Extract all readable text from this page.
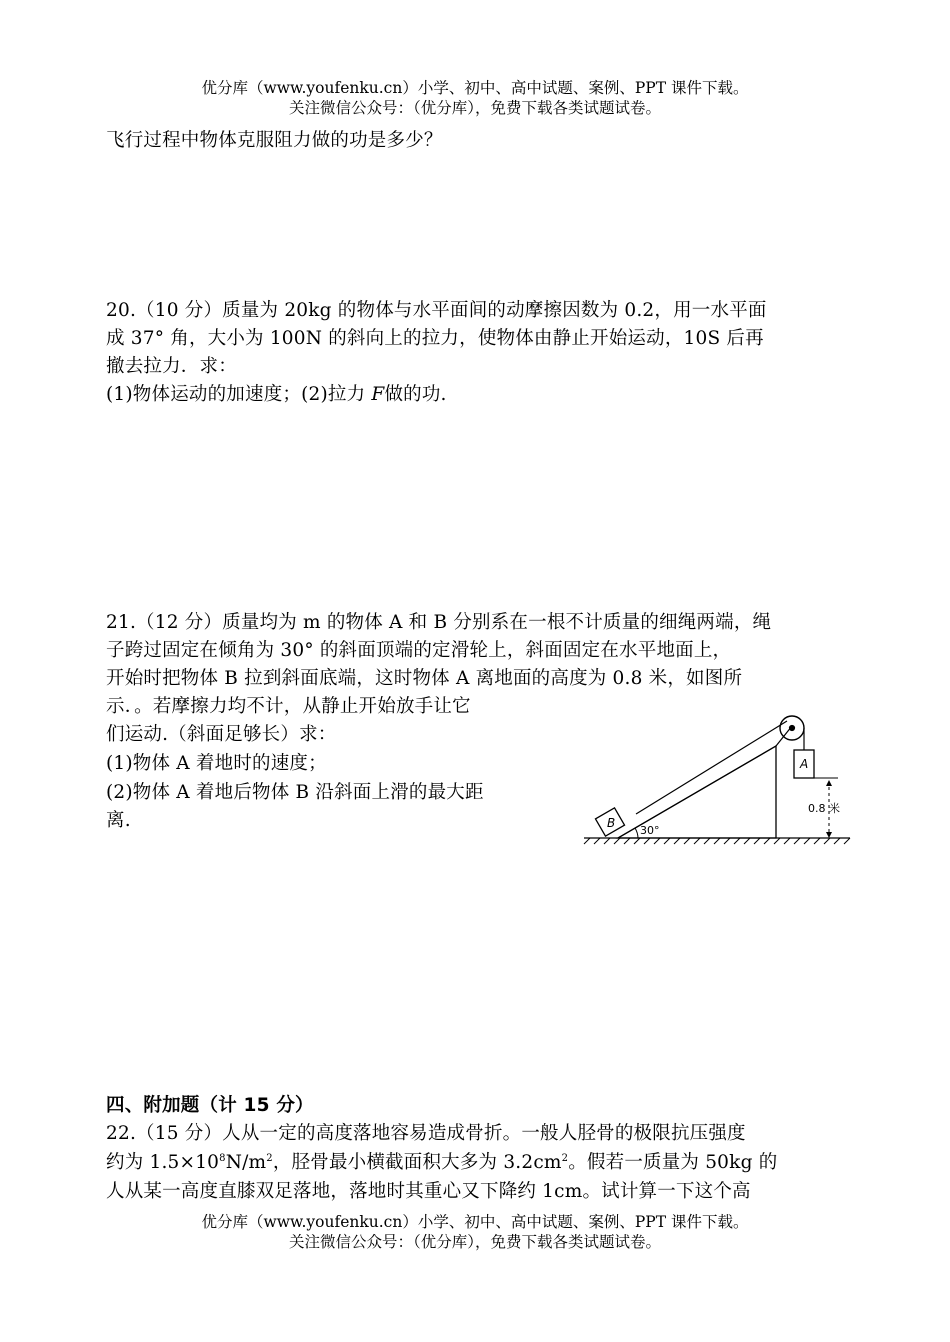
优分库（www.youfenku.cn）小学、初中、高中试题、案例、PPT 课件下载。
关注微信公众号：（优分库），免费下载各类试题试卷。
飞行过程中物体克服阻力做的功是多少？
20.（10 分）质量为 20kg 的物体与水平面间的动摩擦因数为 0.2，用一水平面
成 37° 角，大小为 100N 的斜向上的拉力，使物体由静止开始运动，10S 后再
撤去拉力．求：
(1)物体运动的加速度；(2)拉力 F做的功.
21.（12 分）质量均为 m 的物体 A 和 B 分别系在一根不计质量的细绳两端，绳
子跨过固定在倾角为 30° 的斜面顶端的定滑轮上，斜面固定在水平地面上，
开始时把物体 B 拉到斜面底端，这时物体 A 离地面的高度为 0.8 米，如图所
示．。若摩擦力均不计，从静止开始放手让它
们运动.（斜面足够长）求：
(1)物体 A 着地时的速度；
(2)物体 A 着地后物体 B 沿斜面上滑的最大距
离.
A
B
30°
0.8 米
四、附加题（计 15 分）
22.（15 分）人从一定的高度落地容易造成骨折。一般人胫骨的极限抗压强度
约为 $1.5\times 10^8N/m^2$，胫骨最小横截面积大多为 $3.2cm^2$。假若一质量为 50kg 的
人从某一高度直膝双足落地，落地时其重心又下降约 1cm。试计算一下这个高
优分库（www.youfenku.cn）小学、初中、高中试题、案例、PPT 课件下载。
关注微信公众号：（优分库），免费下载各类试题试卷。
